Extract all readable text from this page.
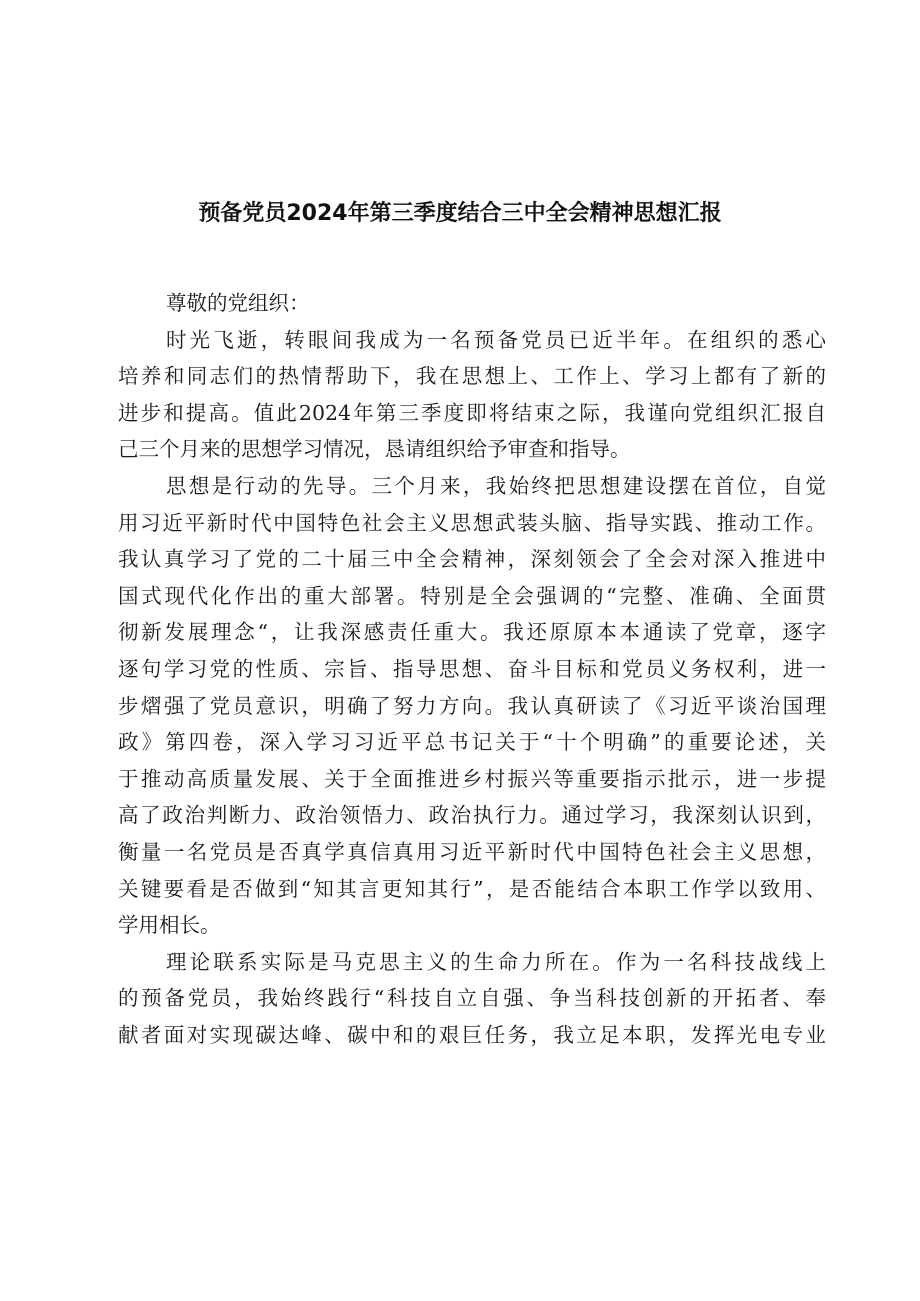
预备党员2024年第三季度结合三中全会精神思想汇报
尊敬的党组织：
时光飞逝，转眼间我成为一名预备党员已近半年。在组织的悉心
培养和同志们的热情帮助下，我在思想上、工作上、学习上都有了新的
进步和提高。值此2024年第三季度即将结束之际，我谨向党组织汇报自
己三个月来的思想学习情况，恳请组织给予审查和指导。
思想是行动的先导。三个月来，我始终把思想建设摆在首位，自觉
用习近平新时代中国特色社会主义思想武装头脑、指导实践、推动工作。
我认真学习了党的二十届三中全会精神，深刻领会了全会对深入推进中
国式现代化作出的重大部署。特别是全会强调的“完整、准确、全面贯
彻新发展理念“，让我深感责任重大。我还原原本本通读了党章，逐字
逐句学习党的性质、宗旨、指导思想、奋斗目标和党员义务权利，进一
步熠强了党员意识，明确了努力方向。我认真研读了《习近平谈治国理
政》第四卷，深入学习习近平总书记关于“十个明确”的重要论述，关
于推动高质量发展、关于全面推进乡村振兴等重要指示批示，进一步提
高了政治判断力、政治领悟力、政治执行力。通过学习，我深刻认识到，
衡量一名党员是否真学真信真用习近平新时代中国特色社会主义思想，
关键要看是否做到“知其言更知其行”，是否能结合本职工作学以致用、
学用相长。
理论联系实际是马克思主义的生命力所在。作为一名科技战线上
的预备党员，我始终践行“科技自立自强、争当科技创新的开拓者、奉
献者面对实现碳达峰、碳中和的艰巨任务，我立足本职，发挥光电专业
